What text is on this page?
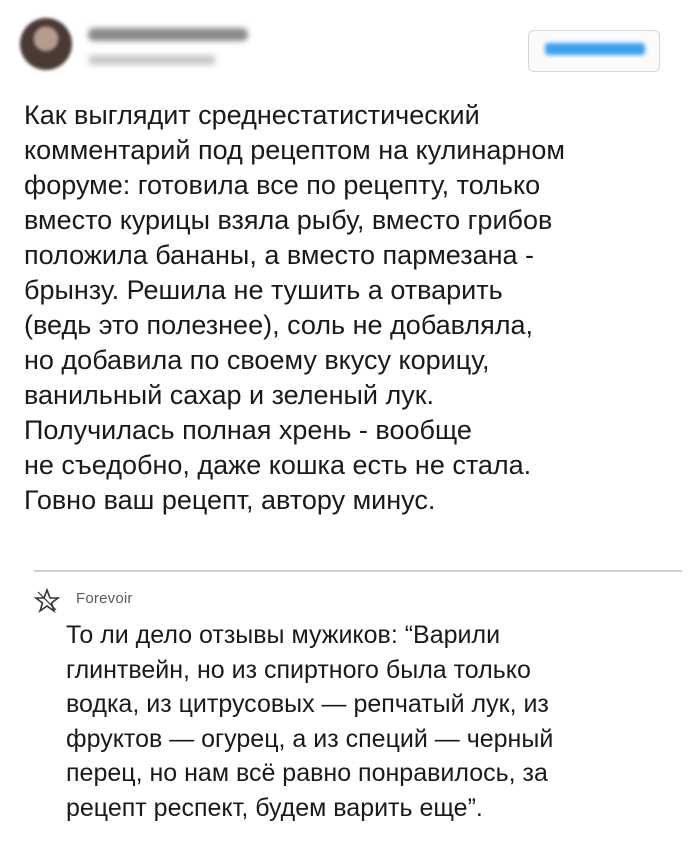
Как выглядит среднестатистический
комментарий под рецептом на кулинарном
форуме: готовила все по рецепту, только
вместо курицы взяла рыбу, вместо грибов
положила бананы, а вместо пармезана -
брынзу. Решила не тушить а отварить
(ведь это полезнее), соль не добавляла,
но добавила по своему вкусу корицу,
ванильный сахар и зеленый лук.
Получилась полная хрень - вообще
не съедобно, даже кошка есть не стала.
Говно ваш рецепт, автору минус.
Forevoir
То ли дело отзывы мужиков: “Варили
глинтвейн, но из спиртного была только
водка, из цитрусовых — репчатый лук, из
фруктов — огурец, а из специй — черный
перец, но нам всё равно понравилось, за
рецепт респект, будем варить еще”.
